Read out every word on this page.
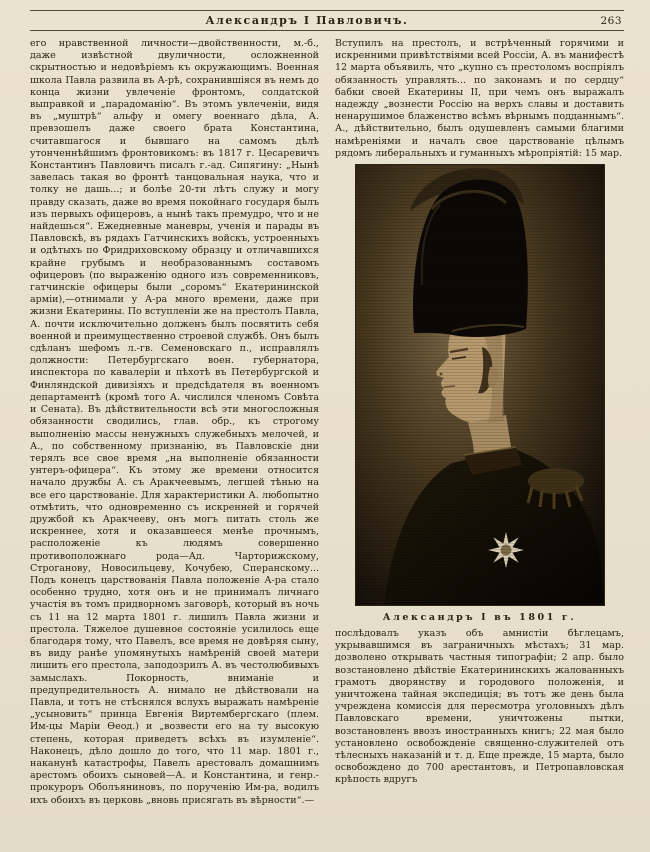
Александръ I Павловичъ.	263

его нравственной личности—двойственности, м.-б., даже извѣстной двуличности, осложненной скрытностью и недовѣріемъ къ окружающимъ. Военная школа Павла развила въ А-рѣ, сохранившіяся въ немъ до конца жизни увлеченіе фронтомъ, солдатской выправкой и „парадоманію“. Въ этомъ увлеченіи, видя въ „муштрѣ“ альфу и омегу военнаго дѣла, А. превзошелъ даже своего брата Константина, считавшагося и бывшаго на самомъ дѣлѣ утонченнѣйшимъ фронтовикомъ: въ 1817 г. Цесаревичъ Константинъ Павловичъ писалъ г.-ад. Сипягину: „Нынѣ завелась такая во фронтѣ танцовальная наука, что и толку не дашь...; и болѣе 20-ти лѣтъ служу и могу правду сказать, даже во время покойнаго государя былъ изъ первыхъ офицеровъ, а нынѣ такъ премудро, что и не найдешься“. Ежедневные маневры, ученія и парады въ Павловскѣ, въ рядахъ Гатчинскихъ войскъ, устроенныхъ и одѣтыхъ по Фридриховскому образцу и отличавшихся крайне грубымъ и необразованнымъ составомъ офицеровъ (по выраженію одного изъ современниковъ, гатчинскіе офицеры были „соромъ“ Екатерининской арміи),—отнимали у А-ра много времени, даже при жизни Екатерины. По вступленіи же на престолъ Павла, А. почти исключительно долженъ былъ посвятить себя военной и преимущественно строевой службѣ. Онъ былъ сдѣланъ шефомъ л.-гв. Семеновскаго п., исправлялъ должности: Петербургскаго воен. губернатора, инспектора по кавалеріи и пѣхотѣ въ Петербургской и Финляндской дивизіяхъ и предсѣдателя въ военномъ департаментѣ (кромѣ того А. числился членомъ Совѣта и Сената). Въ дѣйствительности всѣ эти многосложныя обязанности сводились, глав. обр., къ строгому выполненію массы ненужныхъ служебныхъ мелочей, и А., по собственному признанію, въ Павловскіе дни терялъ все свое время „на выполненіе обязанности унтеръ-офицера“. Къ этому же времени относится начало дружбы А. съ Аракчеевымъ, легшей тѣнью на все его царствованіе. Для характеристики А. любопытно отмѣтить, что одновременно съ искренней и горячей дружбой къ Аракчееву, онъ могъ питать столь же искреннее, хотя и оказавшееся менѣе прочнымъ, расположеніе къ людямъ совершенно противоположнаго рода—Ад. Чарторижскому, Строганову, Новосильцеву, Кочубею, Сперанскому... Подъ конецъ царствованія Павла положеніе А-ра стало особенно трудно, хотя онъ и не принималъ личнаго участія въ томъ придворномъ заговорѣ, который въ ночь съ 11 на 12 марта 1801 г. лишилъ Павла жизни и престола. Тяжелое душевное состояніе усилилось еще благодаря тому, что Павелъ, все время не довѣряя сыну, въ виду ранѣе упомянутыхъ намѣреній своей матери лишить его престола, заподозрилъ А. въ честолюбивыхъ замыслахъ. Покорность, вниманіе и предупредительность А. нимало не дѣйствовали на Павла, и тотъ не стѣснялся вслухъ выражать намѣреніе „усыновить“ принца Евгенія Виртембергскаго (плем. Им-цы Маріи Ѳеод.) и „возвести его на ту высокую степень, которая приведетъ всѣхъ въ изумленіе“. Наконецъ, дѣло дошло до того, что 11 мар. 1801 г., наканунѣ катастрофы, Павелъ арестовалъ домашнимъ арестомъ обоихъ сыновей—А. и Константина, и генр.-прокуроръ Оболъяниновъ, по порученію Им-ра, водилъ ихъ обоихъ въ церковь „вновь присягать въ вѣрности“.—

Вступилъ на престолъ, и встрѣченный горячими и искренними привѣтствіями всей Россіи, А. въ манифестѣ 12 марта объявилъ, что „купно съ престоломъ воспріялъ обязанность управлять... по законамъ и по сердцу“ бабки своей Екатерины II, при чемъ онъ выражалъ надежду „вознести Россію на верхъ славы и доставить ненарушимое блаженство всѣмъ вѣрнымъ подданнымъ“. А., дѣйствительно, былъ одушевленъ самыми благими намѣреніями и началъ свое царствованіе цѣлымъ рядомъ либеральныхъ и гуманныхъ мѣропріятій: 15 мар.

Александръ I въ 1801 г.

послѣдовалъ указъ объ амнистіи бѣглецамъ, укрывавшимся въ заграничныхъ мѣстахъ; 31 мар. дозволено открывать частныя типографіи; 2 апр. было возстановлено дѣйствіе Екатерининскихъ жалованныхъ грамотъ дворянству и городового положенія, и уничтожена тайная экспедиція; въ тотъ же день была учреждена комиссія для пересмотра уголовныхъ дѣлъ Павловскаго времени, уничтожены пытки, возстановленъ ввозъ иностранныхъ книгъ; 22 мая было установлено освобожденіе священно-служителей отъ тѣлесныхъ наказаній и т. д. Еще прежде, 15 марта, было освобождено до 700 арестантовъ, и Петропавловская крѣпость вдругъ
